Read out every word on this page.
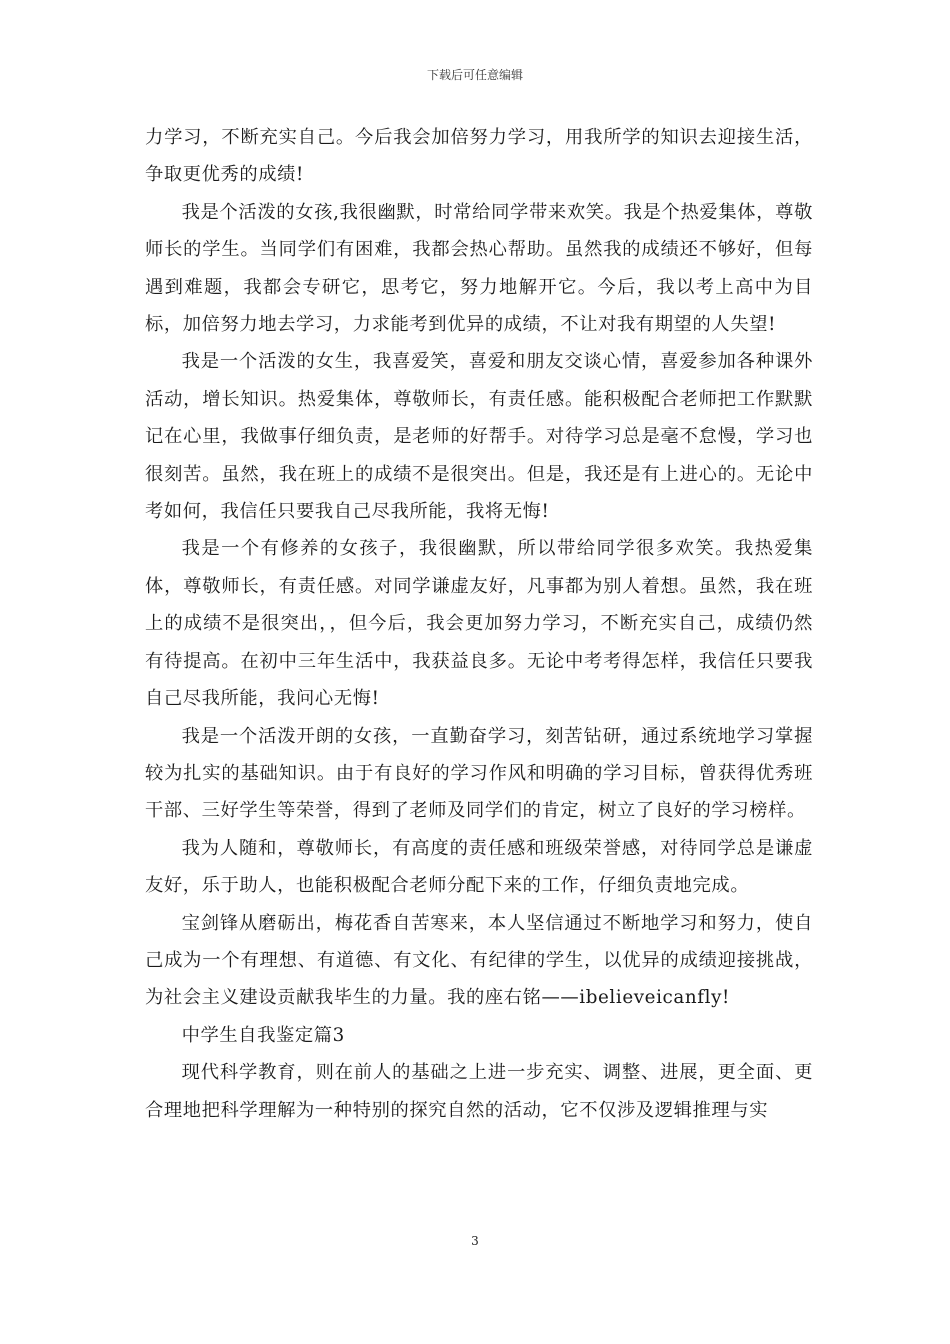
下载后可任意编辑

力学习，不断充实自己。今后我会加倍努力学习，用我所学的知识去迎接生活，争取更优秀的成绩!

我是个活泼的女孩,我很幽默，时常给同学带来欢笑。我是个热爱集体，尊敬师长的学生。当同学们有困难，我都会热心帮助。虽然我的成绩还不够好，但每遇到难题，我都会专研它，思考它，努力地解开它。今后，我以考上高中为目标，加倍努力地去学习，力求能考到优异的成绩，不让对我有期望的人失望!

我是一个活泼的女生，我喜爱笑，喜爱和朋友交谈心情，喜爱参加各种课外活动，增长知识。热爱集体，尊敬师长，有责任感。能积极配合老师把工作默默记在心里，我做事仔细负责，是老师的好帮手。对待学习总是毫不怠慢，学习也很刻苦。虽然，我在班上的成绩不是很突出。但是，我还是有上进心的。无论中考如何，我信任只要我自己尽我所能，我将无悔!

我是一个有修养的女孩子，我很幽默，所以带给同学很多欢笑。我热爱集体，尊敬师长，有责任感。对同学谦虚友好，凡事都为别人着想。虽然，我在班上的成绩不是很突出，，但今后，我会更加努力学习，不断充实自己，成绩仍然有待提高。在初中三年生活中，我获益良多。无论中考考得怎样，我信任只要我自己尽我所能，我问心无悔!

我是一个活泼开朗的女孩，一直勤奋学习，刻苦钻研，通过系统地学习掌握较为扎实的基础知识。由于有良好的学习作风和明确的学习目标，曾获得优秀班干部、三好学生等荣誉，得到了老师及同学们的肯定，树立了良好的学习榜样。

我为人随和，尊敬师长，有高度的责任感和班级荣誉感，对待同学总是谦虚友好，乐于助人，也能积极配合老师分配下来的工作，仔细负责地完成。

宝剑锋从磨砺出，梅花香自苦寒来，本人坚信通过不断地学习和努力，使自己成为一个有理想、有道德、有文化、有纪律的学生，以优异的成绩迎接挑战，为社会主义建设贡献我毕生的力量。我的座右铭——ibelieveicanfly!

中学生自我鉴定篇3

现代科学教育，则在前人的基础之上进一步充实、调整、进展，更全面、更合理地把科学理解为一种特别的探究自然的活动，它不仅涉及逻辑推理与实

3
